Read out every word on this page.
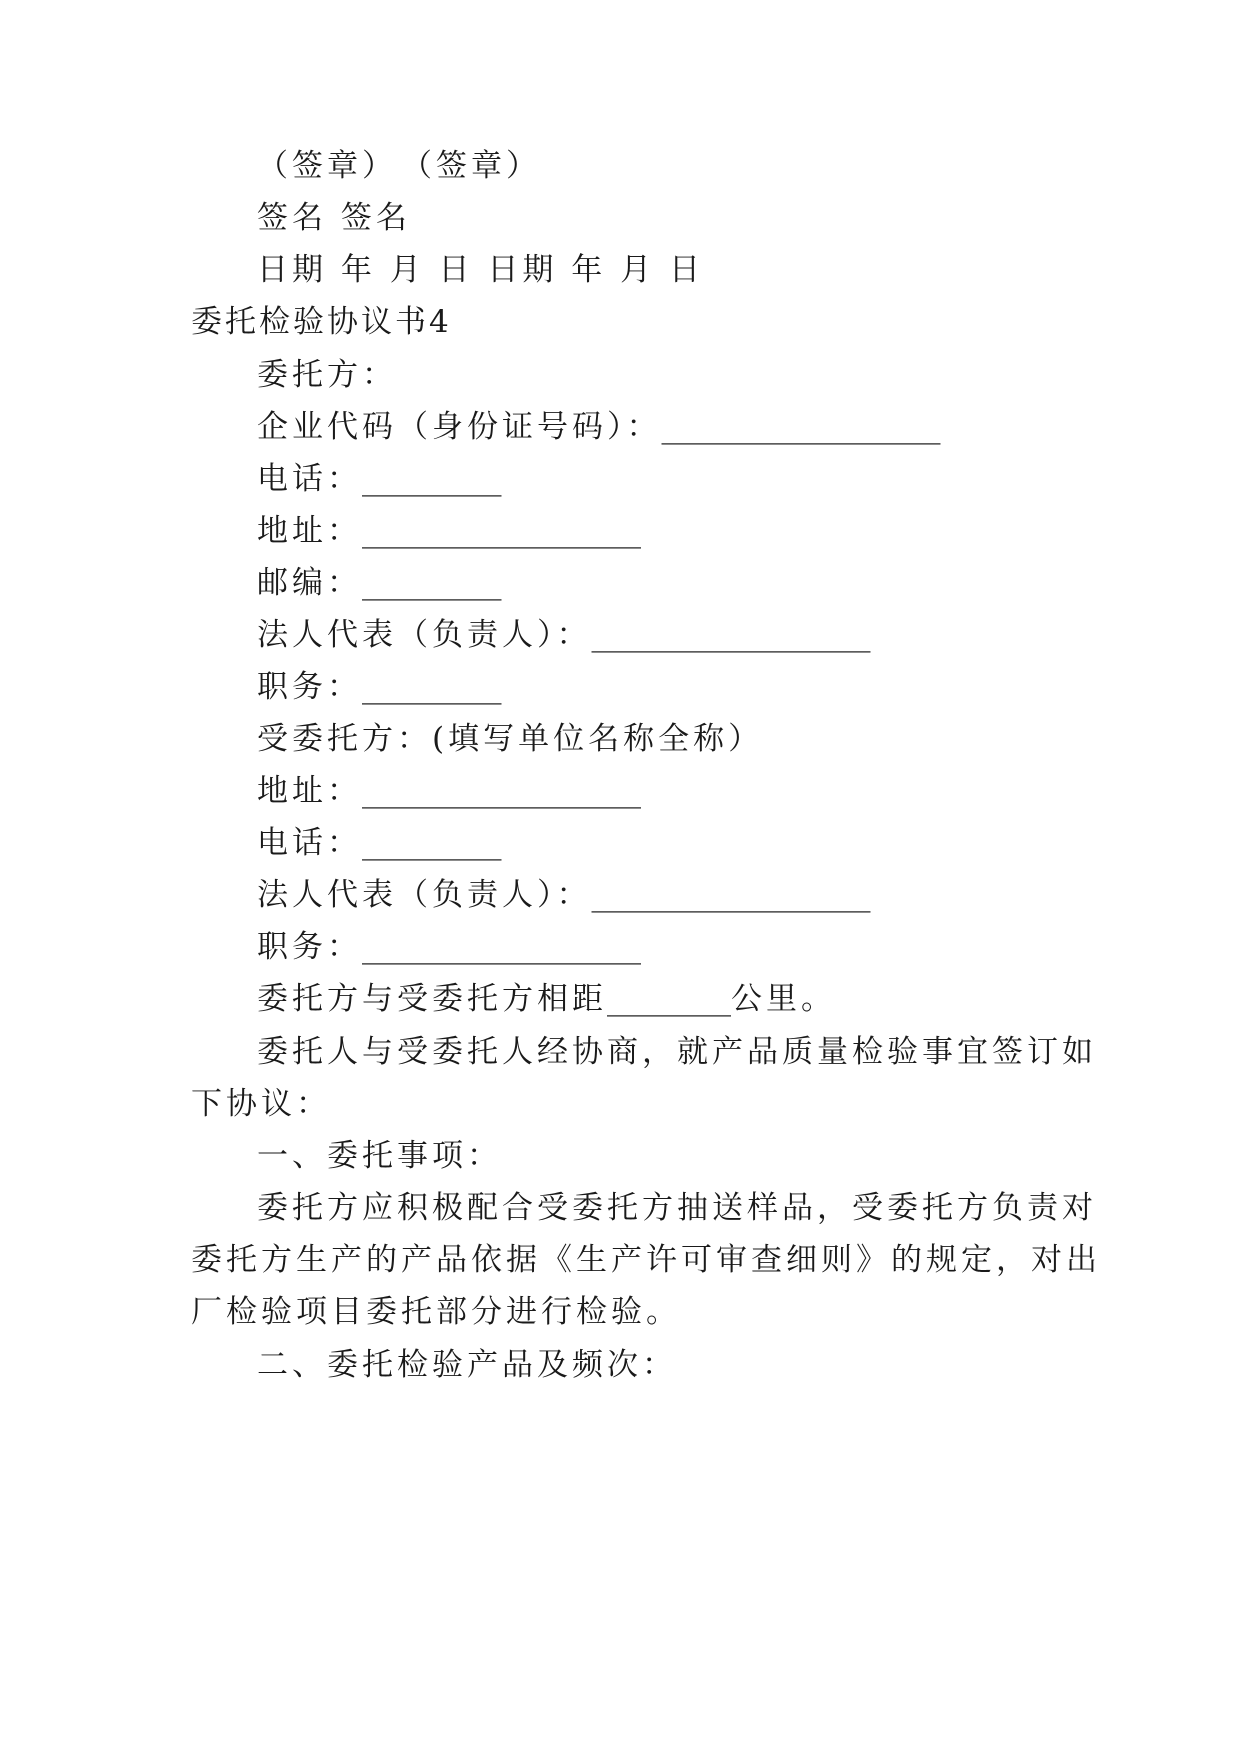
（签章）　（签章）
签名 签名
日期 年 月 日 日期 年 月 日
委托检验协议书4
委托方：
企业代码（身份证号码）：__________________
电话：_________
地址：__________________
邮编：_________
法人代表（负责人）：__________________
职务：_________
受委托方：(填写单位名称全称）
地址：__________________
电话：_________
法人代表（负责人）：__________________
职务：__________________
委托方与受委托方相距________公里。
委托人与受委托人经协商，就产品质量检验事宜签订如
下协议：
一、委托事项：
委托方应积极配合受委托方抽送样品，受委托方负责对
委托方生产的产品依据《生产许可审查细则》的规定，对出
厂检验项目委托部分进行检验。
二、委托检验产品及频次：
